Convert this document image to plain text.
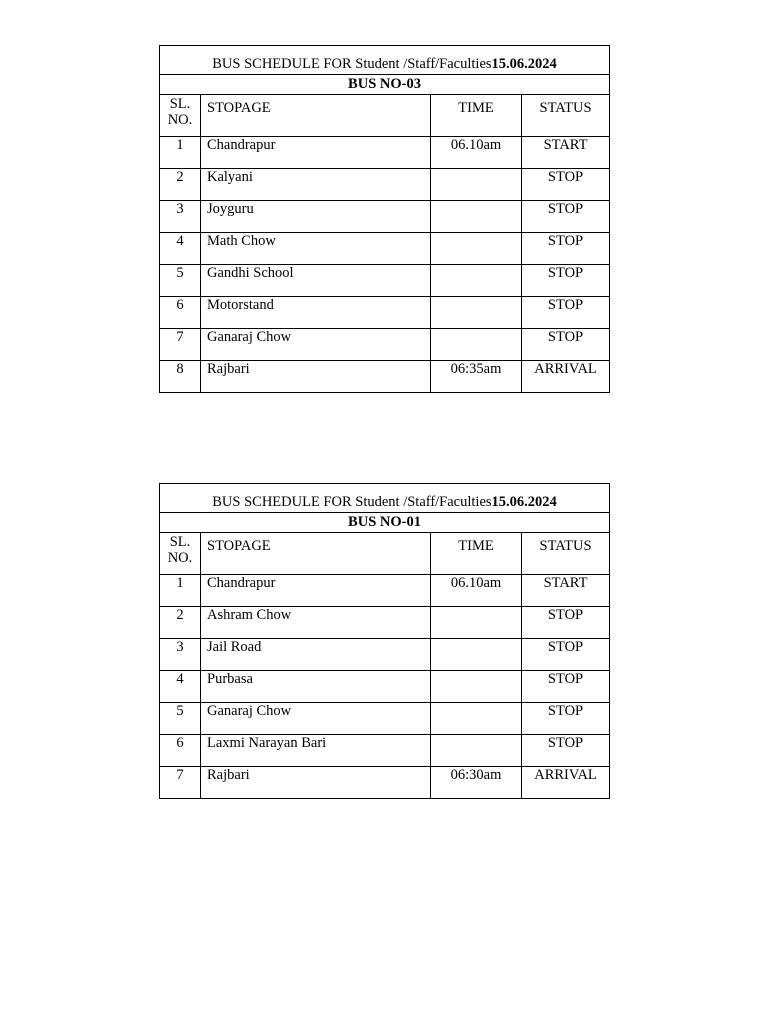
BUS SCHEDULE FOR Student /Staff/Faculties15.06.2024			
BUS NO-03			
SL.
NO.	STOPAGE	TIME	STATUS
1	Chandrapur	06.10am	START
2	Kalyani		STOP
3	Joyguru		STOP
4	Math Chow		STOP
5	Gandhi School		STOP
6	Motorstand		STOP
7	Ganaraj Chow		STOP
8	Rajbari	06:35am	ARRIVAL
BUS SCHEDULE FOR Student /Staff/Faculties15.06.2024			
BUS NO-01			
SL.
NO.	STOPAGE	TIME	STATUS
1	Chandrapur	06.10am	START
2	Ashram Chow		STOP
3	Jail Road		STOP
4	Purbasa		STOP
5	Ganaraj Chow		STOP
6	Laxmi Narayan Bari		STOP
7	Rajbari	06:30am	ARRIVAL
